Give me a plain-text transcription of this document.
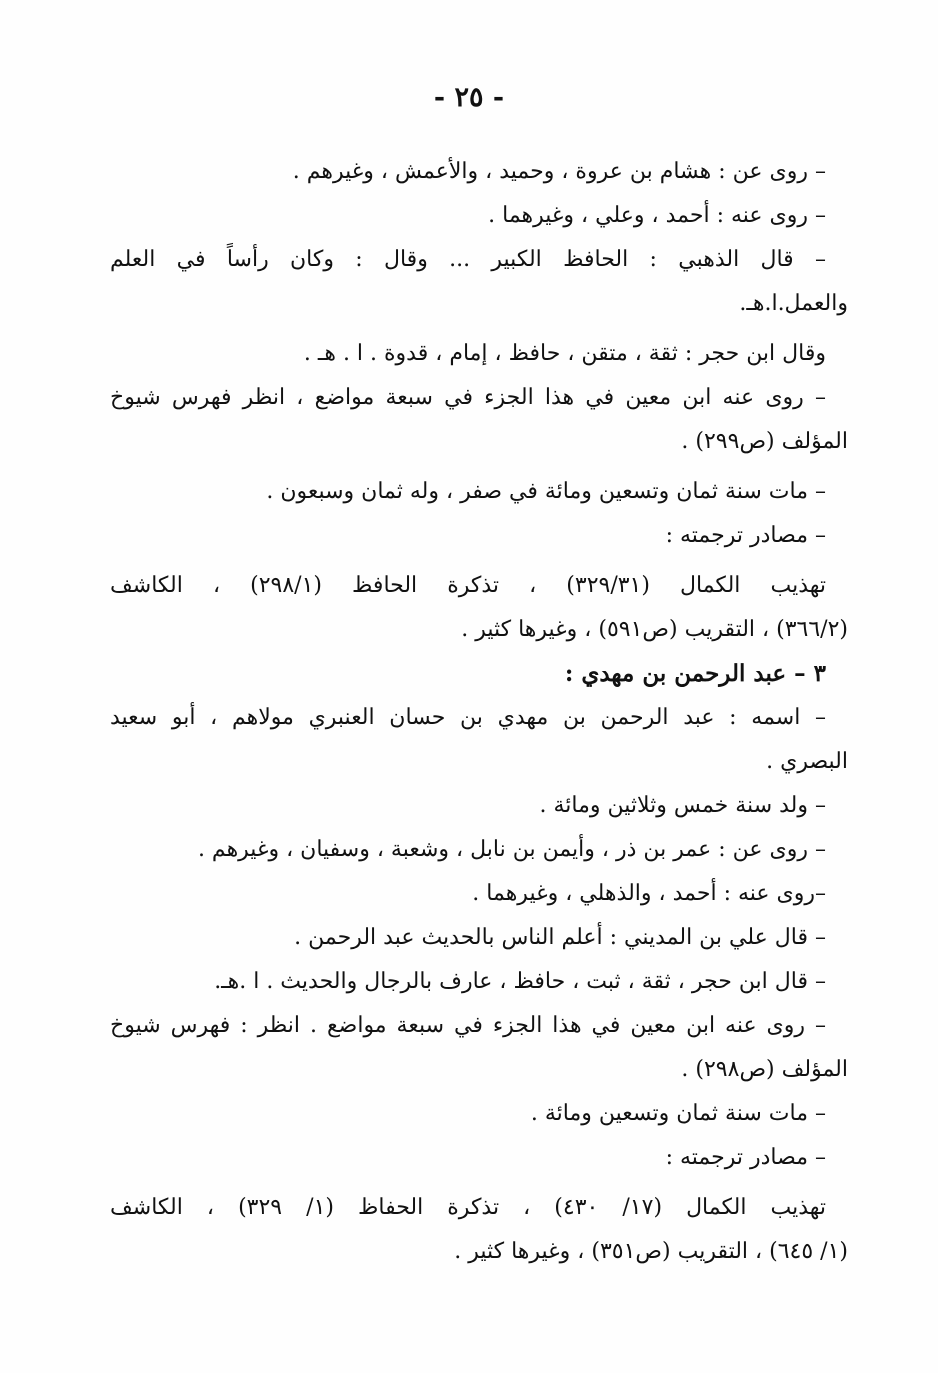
- ٢٥ -
– روى عن : هشام بن عروة ، وحميد ، والأعمش ، وغيرهم .
– روى عنه : أحمد ، وعلي ، وغيرهما .
– قال الذهبي : الحافظ الكبير ... وقال : وكان رأساً في العلم
والعمل.ا.هـ.
وقال ابن حجر : ثقة ، متقن ، حافظ ، إمام ، قدوة . ا . هـ .
– روى عنه ابن معين في هذا الجزء في سبعة مواضع ، انظر فهرس شيوخ
المؤلف (ص٢٩٩) .
– مات سنة ثمان وتسعين ومائة في صفر ، وله ثمان وسبعون .
– مصادر ترجمته :
تهذيب الكمال (٣٢٩/٣١) ، تذكرة الحافظ (٢٩٨/١) ، الكاشف
(٣٦٦/٢) ، التقريب (ص٥٩١) ، وغيرها كثير .
٣ – عبد الرحمن بن مهدي :
– اسمه : عبد الرحمن بن مهدي بن حسان العنبري مولاهم ، أبو سعيد
البصري .
– ولد سنة خمس وثلاثين ومائة .
– روى عن : عمر بن ذر ، وأيمن بن نابل ، وشعبة ، وسفيان ، وغيرهم .
–روى عنه : أحمد ، والذهلي ، وغيرهما .
– قال علي بن المديني : أعلم الناس بالحديث عبد الرحمن .
– قال ابن حجر ، ثقة ، ثبت ، حافظ ، عارف بالرجال والحديث . ا .هـ.
– روى عنه ابن معين في هذا الجزء في سبعة مواضع . انظر : فهرس شيوخ
المؤلف (ص٢٩٨) .
– مات سنة ثمان وتسعين ومائة .
– مصادر ترجمته :
تهذيب الكمال (١٧/ ٤٣٠) ، تذكرة الحفاظ (١/ ٣٢٩) ، الكاشف
(١/ ٦٤٥) ، التقريب (ص٣٥١) ، وغيرها كثير .
